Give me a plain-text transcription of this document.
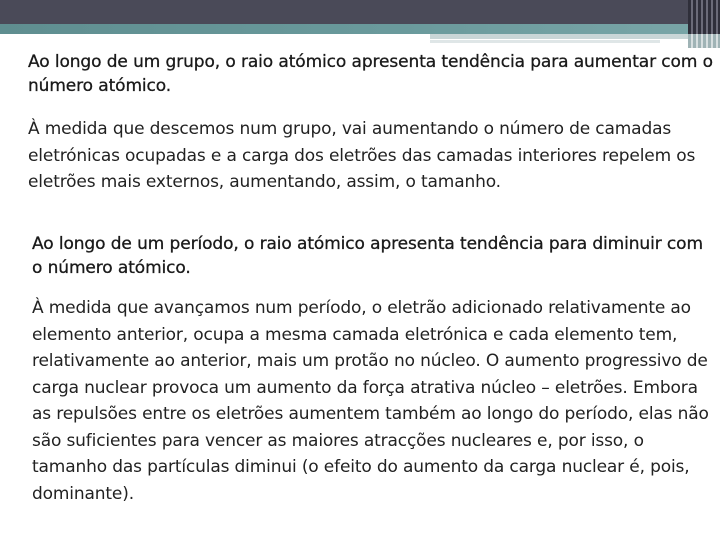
Ao longo de um grupo, o raio atómico apresenta tendência para aumentar com o número atómico.

À medida que descemos num grupo, vai aumentando o número de camadas eletrónicas ocupadas e a carga dos eletrões das camadas interiores repelem os eletrões mais externos, aumentando, assim, o tamanho.

Ao longo de um período, o raio atómico apresenta tendência para diminuir com o número atómico.

À medida que avançamos num período, o eletrão adicionado relativamente ao elemento anterior, ocupa a mesma camada eletrónica e cada elemento tem, relativamente ao anterior, mais um protão no núcleo. O aumento progressivo de carga nuclear provoca um aumento da força atrativa núcleo – eletrões. Embora as repulsões entre os eletrões aumentem também ao longo do período, elas não são suficientes para vencer as maiores atracções nucleares e, por isso, o tamanho das partículas diminui (o efeito do aumento da carga nuclear é, pois, dominante).
